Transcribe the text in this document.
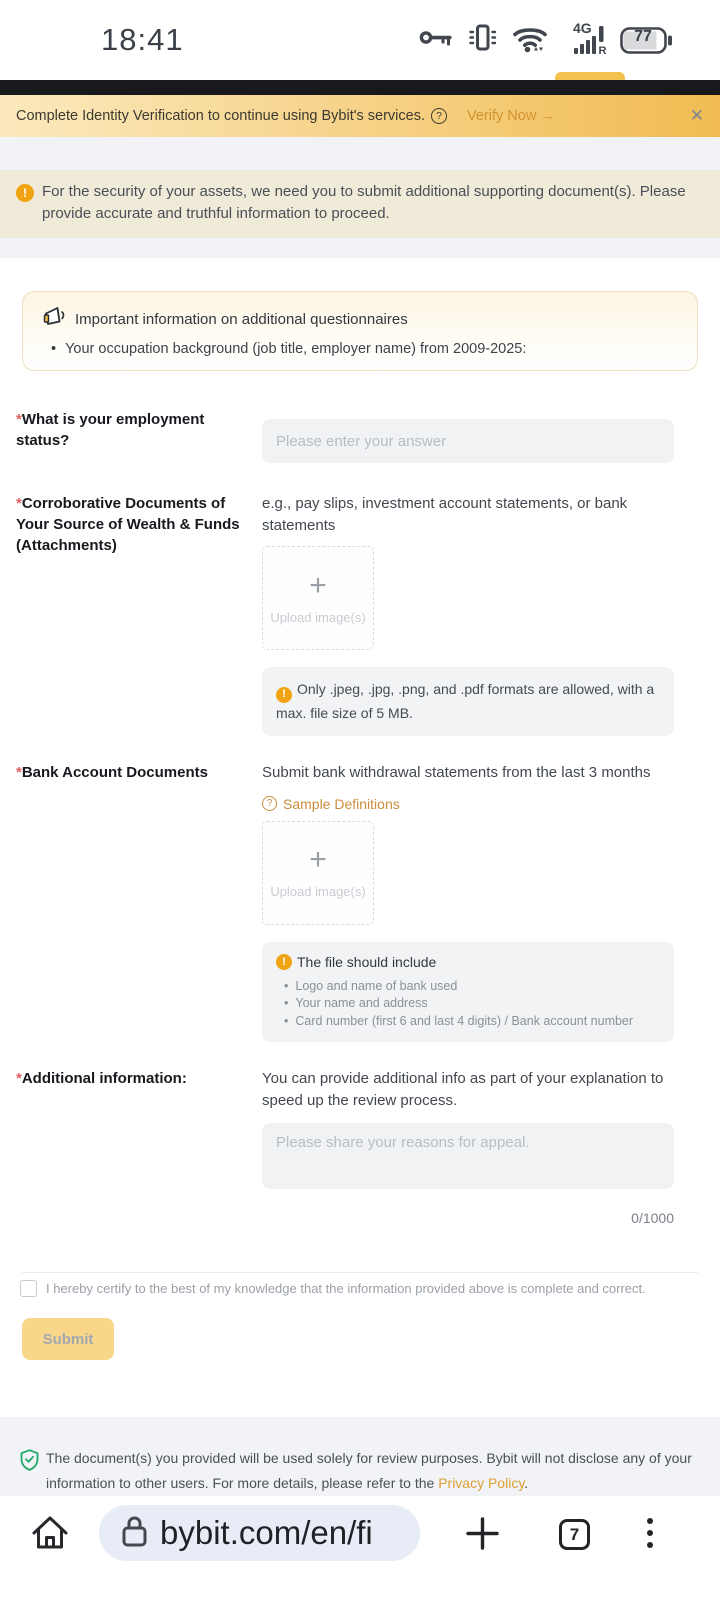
18:41	4G
R
77
Complete Identity Verification to continue using Bybit's services.	?	Verify Now →	✕
!	For the security of your assets, we need you to submit additional supporting document(s). Please provide accurate and truthful information to proceed.

Important information on additional questionnaires
• Your occupation background (job title, employer name) from 2009-2025:
*What is your employment status?	Please enter your answer
*Corroborative Documents of Your Source of Wealth & Funds (Attachments)

e.g., pay slips, investment account statements, or bank statements

+
Upload image(s)

! Only .jpeg, .jpg, .png, and .pdf formats are allowed, with a max. file size of 5 MB.

*Bank Account Documents	Submit bank withdrawal statements from the last 3 months

? Sample Definitions
+
Upload image(s)
! The file should include
• Logo and name of bank used
• Your name and address
• Card number (first 6 and last 4 digits) / Bank account number
*Additional information:	You can provide additional info as part of your explanation to speed up the review process.

Please share your reasons for appeal.
0/1000
I hereby certify to the best of my knowledge that the information provided above is complete and correct.
Submit

The document(s) you provided will be used solely for review purposes. Bybit will not disclose any of your information to other users. For more details, please refer to the Privacy Policy.

bybit.com/en/fi	7
